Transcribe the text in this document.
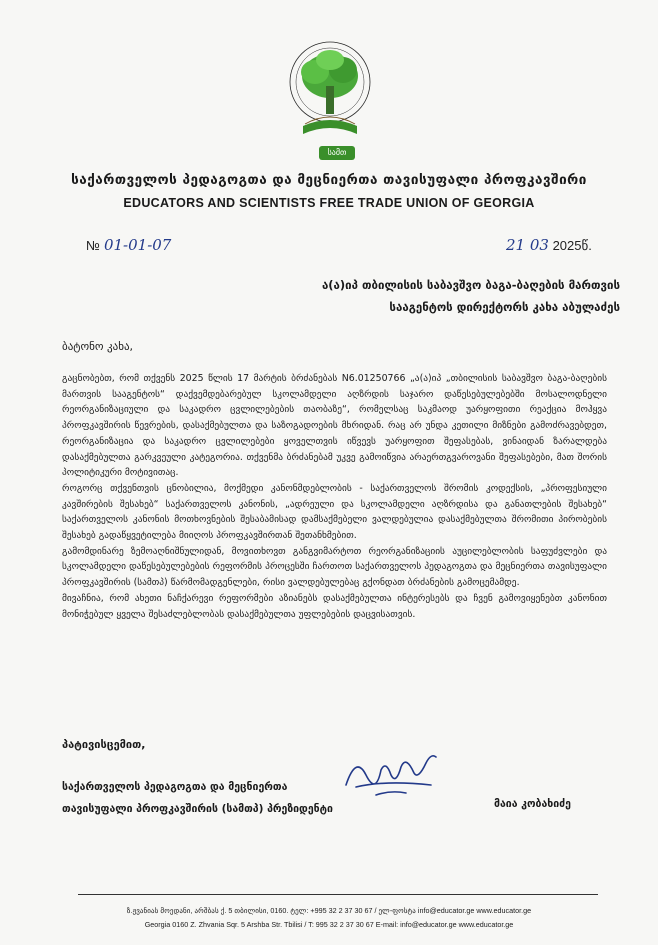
სამთ
საქართველოს პედაგოგთა და მეცნიერთა თავისუფალი პროფკავშირი
EDUCATORS AND SCIENTISTS FREE TRADE UNION OF GEORGIA
№ 01-01-07	21 03 2025წ.
ა(ა)იპ თბილისის საბავშვო ბაგა-ბაღების მართვის
სააგენტოს დირექტორს კახა აბულაძეს
ბატონო კახა,

გაცნობებთ, რომ თქვენს 2025 წლის 17 მარტის ბრძანებას N6.01250766 „ა(ა)იპ „თბილისის საბავშვო ბაგა-ბაღების მართვის სააგენტოს“ დაქვემდებარებულ სკოლამდელი აღზრდის საჯარო დაწესებულებებში მოსალოდნელი რეორგანიზაციული და საკადრო ცვლილებების თაობაზე“, რომელსაც საკმაოდ უარყოფითი რეაქცია მოჰყვა პროფკავშირის წევრების, დასაქმებულთა და საზოგადოების მხრიდან. რაც არ უნდა კეთილი მიზნები გამოძრავებდეთ, რეორგანიზაცია და საკადრო ცვლილებები ყოველთვის იწვევს უარყოფით შეფასებას, ვინაიდან ზარალდება დასაქმებულთა გარკვეული კატეგორია. თქვენმა ბრძანებამ უკვე გამოიწვია არაერთგვაროვანი შეფასებები, მათ შორის პოლიტიკური მოტივითაც.

როგორც თქვენთვის ცნობილია, მოქმედი კანონმდებლობის - საქართველოს შრომის კოდექსის, „პროფესიული კავშირების შესახებ“ საქართველოს კანონის, „ადრეული და სკოლამდელი აღზრდისა და განათლების შესახებ“ საქართველოს კანონის მოთხოვნების შესაბამისად დამსაქმებელი ვალდებულია დასაქმებულთა შრომითი პირობების შესახებ გადაწყვეტილება მიიღოს პროფკავშირთან შეთანხმებით.

გამომდინარე ზემოაღნიშნულიდან, მოვითხოვთ განგვიმარტოთ რეორგანიზაციის აუცილებლობის საფუძვლები და სკოლამდელი დაწესებულებების რეფორმის პროცესში ჩართოთ საქართველოს პედაგოგთა და მეცნიერთა თავისუფალი პროფკავშირის (სამთპ) წარმომადგენლები, რისი ვალდებულებაც გქონდათ ბრძანების გამოცემამდე.

მივაჩნია, რომ ახეთი ნაჩქარევი რეფორმები აზიანებს დასაქმებულთა ინტერესებს და ჩვენ გამოვიყენებთ კანონით მონიჭებულ ყველა შესაძლებლობას დასაქმებულთა უფლებების დაცვისათვის.

პატივისცემით,
საქართველოს პედაგოგთა და მეცნიერთა
თავისუფალი პროფკავშირის (სამთპ) პრეზიდენტი	მაია კობახიძე
ზ.ჟვანიას მოედანი, არშბას ქ. 5 თბილისი, 0160. ტელ: +995 32 2 37 30 67 / ელ-ფოსტა info@educator.ge www.educator.ge
Georgia 0160 Z. Zhvania Sqr. 5 Arshba Str. Tbilisi / T: 995 32 2 37 30 67 E-mail: info@educator.ge www.educator.ge
